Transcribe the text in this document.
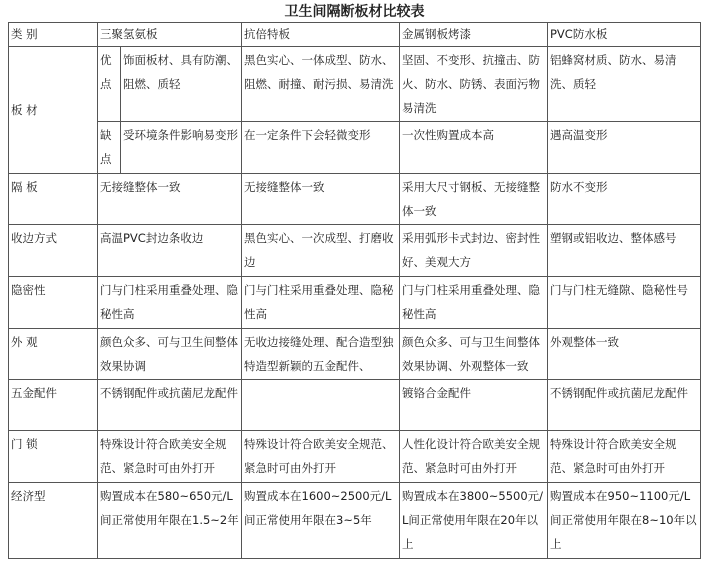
卫生间隔断板材比较表
类 别	三聚氢氨板		抗倍特板	金属钢板烤漆	PVC防水板
板 材	优点	饰面板材、具有防潮、阻燃、质轻	黑色实心、一体成型、防水、阻燃、耐撞、耐污损、易清洗	坚固、不变形、抗撞击、防火、防水、防锈、表面污物易清洗	铝蜂窝材质、防水、易清洗、质轻
	缺点	受环境条件影响易变形	在一定条件下会轻微变形	一次性购置成本高	遇高温变形
隔 板	无接缝整体一致		无接缝整体一致	采用大尺寸钢板、无接缝整体一致	防水不变形
收边方式	高温PVC封边条收边		黑色实心、一次成型、打磨收边	采用弧形卡式封边、密封性好、美观大方	塑钢或铝收边、整体感号
隐密性	门与门柱采用重叠处理、隐秘性高		门与门柱采用重叠处理、隐秘性高	门与门柱采用重叠处理、隐秘性高	门与门柱无缝隙、隐秘性号
外 观	颜色众多、可与卫生间整体效果协调		无收边接缝处理、配合造型独特造型新颖的五金配件、	颜色众多、可与卫生间整体效果协调、外观整体一致	外观整体一致
五金配件	不锈钢配件或抗菌尼龙配件			镀铬合金配件	不锈钢配件或抗菌尼龙配件
门 锁	特殊设计符合欧美安全规范、紧急时可由外打开		特殊设计符合欧美安全规范、紧急时可由外打开	人性化设计符合欧美安全规范、紧急时可由外打开	特殊设计符合欧美安全规范、紧急时可由外打开
经济型	购置成本在580~650元/L间正常使用年限在1.5~2年		购置成本在1600~2500元/L间正常使用年限在3~5年	购置成本在3800~5500元/L间正常使用年限在20年以上	购置成本在950~1100元/L间正常使用年限在8~10年以上
